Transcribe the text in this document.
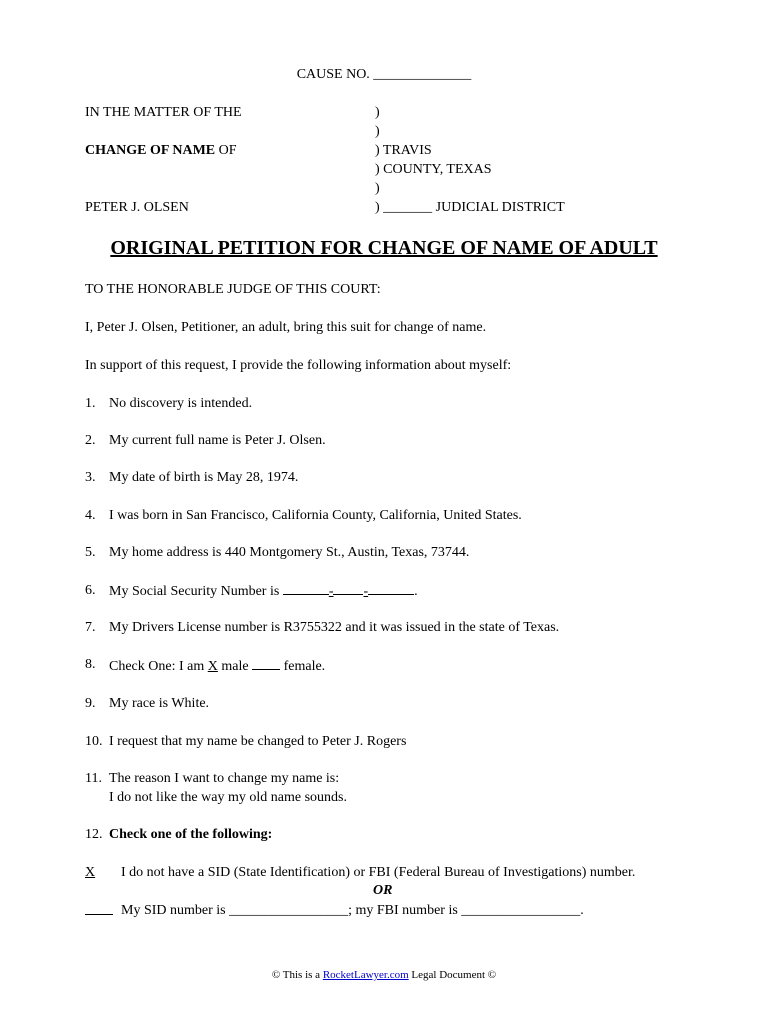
CAUSE NO. ______________
IN THE MATTER OF THE
CHANGE OF NAME OF
PETER J. OLSEN
)
)
) TRAVIS
) COUNTY, TEXAS
)
) _______ JUDICIAL DISTRICT
ORIGINAL PETITION FOR CHANGE OF NAME OF ADULT
TO THE HONORABLE JUDGE OF THIS COURT:
I, Peter J. Olsen, Petitioner, an adult, bring this suit for change of name.
In support of this request, I provide the following information about myself:
1. No discovery is intended.
2. My current full name is Peter J. Olsen.
3. My date of birth is May 28, 1974.
4. I was born in San Francisco, California County, California, United States.
5. My home address is 440 Montgomery St., Austin, Texas, 73744.
6. My Social Security Number is	- -	.
7. My Drivers License number is R3755322 and it was issued in the state of Texas.
8. Check One: I am X male  female.
9. My race is White.
10. I request that my name be changed to Peter J. Rogers
11. The reason I want to change my name is:
I do not like the way my old name sounds.
12. Check one of the following:
X I do not have a SID (State Identification) or FBI (Federal Bureau of Investigations) number.
OR
My SID number is _________________; my FBI number is _________________.
© This is a RocketLawyer.com Legal Document ©
